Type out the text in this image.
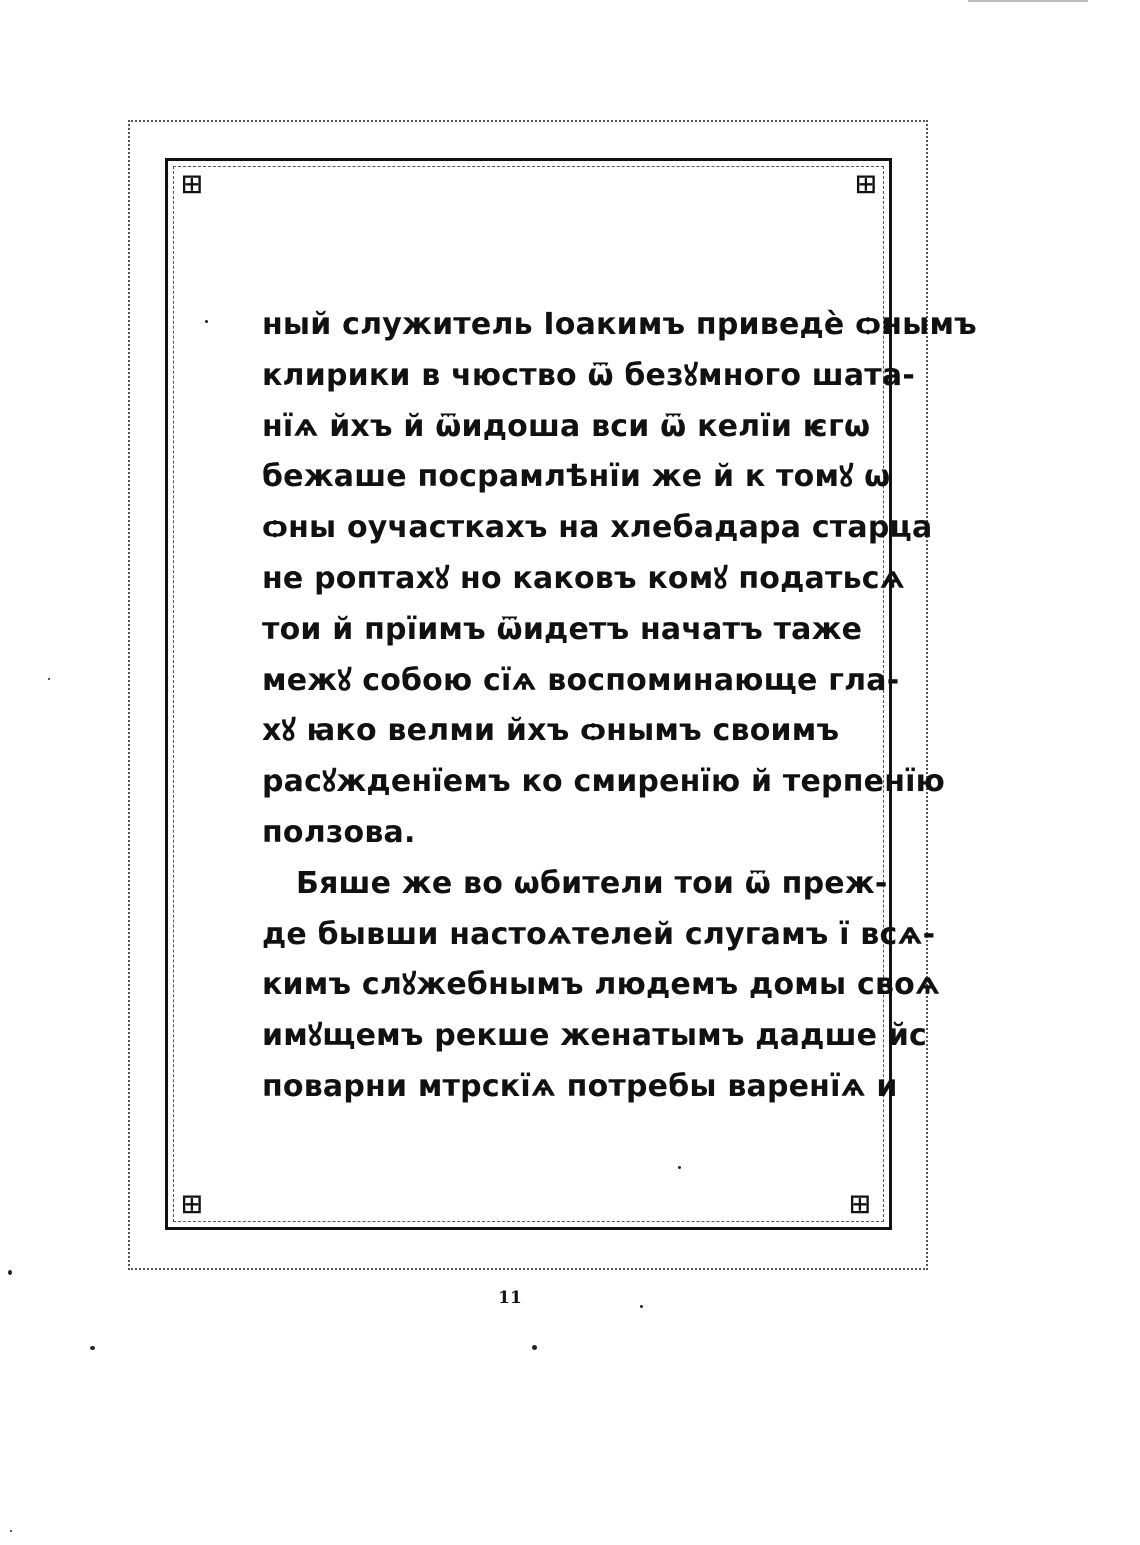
⊞	⊞
⊞	⊞
ный служитель Іоакимъ приведѐ ѻнымъ
клирики в чюство ѿ безꙋмного шата-
нїѧ йхъ й ѿидоша вси ѿ келїи ѥгѡ
бежаше посрамлѣнїи же й к томꙋ ѡ
ѻны оучасткахъ на хлебадара старца
не роптахꙋ но каковъ комꙋ податьсѧ
тои й прїимъ ѿидетъ начатъ таже
межꙋ собою сїѧ воспоминающе гла-
хꙋ ꙗко велми йхъ ѻнымъ своимъ
расꙋжденїемъ ко смиренїю й терпенїю
ползова.
Бяше же во ѡбители тои ѿ преж-
де бывши настоѧтелей слугамъ ї всѧ-
кимъ слꙋжебнымъ людемъ домы своѧ
имꙋщемъ рекше женатымъ дадше йс
поварни мтрскїѧ потребы варенїѧ и
11
